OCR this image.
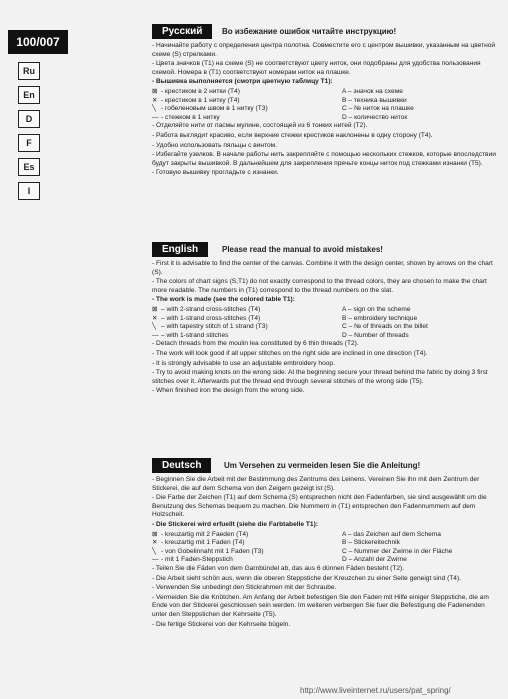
100/007
Ru
En
D
F
Es
I
Русский	Во избежание ошибок читайте инструкцию!

- Начинайте работу с определения центра полотна. Совместите его с центром вышивки, указанным на цветной схеме (S) стрелками.

- Цвета значков (T1) на схеме (S) не соответствуют цвету ниток, они подобраны для удобства пользования схемой. Номера в (T1) соответствуют номерам ниток на плашке.

- Вышивка выполняется (смотри цветную таблицу T1):

⊠ - крестиком в 2 нитки (T4)	A – значок на схеме
✕ - крестиком в 1 нитку (T4)	B – техника вышивки
╲ - гобеленовым швом в 1 нитку (T3)	C – № ниток на плашке
— - стежком в 1 нитку	D – количество ниток

- Отделяйте нити от пасмы мулине, состоящей из 6 тонких нитей (T2).

- Работа выглядит красиво, если верхние стежки крестиков наклонены в одну сторону (T4).

- Удобно использовать пяльцы с винтом.

- Избегайте узелков. В начале работы нить закрепляйте с помощью нескольких стежков, которые впоследствии будут закрыты вышивкой. В дальнейшем для закрепления прячьте концы ниток под стежками изнанки (T5).

- Готовую вышивку прогладьте с изнанки.

English	Please read the manual to avoid mistakes!

- First it is advisable to find the center of the canvas. Combine it with the design center, shown by arrows on the chart (S).

- The colors of chart signs (S,T1) do not exactly correspond to the thread colors, they are chosen to make the chart more readable. The numbers in (T1) correspond to the thread numbers on the slat.

- The work is made (see the colored table T1):

⊠ – with 2-strand cross-stitches (T4)	A – sign on the scheme
✕ – with 1-strand cross-stitches (T4)	B – embroidery technique
╲ – with tapestry stitch of 1 strand (T3)	C – № of threads on the billet
— – with 1-strand stitches	D – Number of threads

- Detach threads from the moulin lea constituted by 6 thin threads (T2).

- The work will look good if all upper stitches on the right side are inclined in one direction (T4).

- It is strongly advisable to use an adjustable embroidery hoop.

- Try to avoid making knots on the wrong side. At the beginning secure your thread behind the fabric by doing 3 first stitches over it. Afterwards put the thread end through several stitches of the wrong side (T5).

- When finished iron the design from the wrong side.

Deutsch	Um Versehen zu vermeiden lesen Sie die Anleitung!

- Beginnen Sie die Arbeit mit der Bestimmung des Zentrums des Leinens. Vereinen Sie ihn mit dem Zentrum der Stickerei, die auf dem Schema von den Zeigern gezeigt ist (S).

- Die Farbe der Zeichen (T1) auf dem Schema (S) entsprechen nicht den Fadenfarben, sie sind ausgewählt um die Benutzung des Schemas bequem zu machen. Die Nummern in (T1) entsprechen den Fadennummern auf dem Holzscheit.

- Die Stickerei wird erfuellt (siehe die Farbtabelle T1):

⊠ - kreuzartig mit 2 Faeden (T4)	A – das Zeichen auf dem Schema
✕ - kreuzartig mit 1 Faden (T4)	B – Stickereitechnik
╲ - von Gobelinnaht mit 1 Faden (T3)	C – Nummer der Zwirne in der Fläche
— - mit 1 Faden-Steppstich	D – Anzahl der Zwirne

- Teilen Sie die Fäden von dem Garnbündel ab, das aus 6 dünnen Fäden besteht (T2).

- Die Arbeit sieht schön aus, wenn die oberen Steppstiche der Kreuzchen zu einer Seite geneigt sind (T4).

- Verwenden Sie unbedingt den Stickrahmen mit der Schraube.

- Vermeiden Sie die Knötchen. Am Anfang der Arbeit befestigen Sie den Faden mit Hilfe einiger Steppstiche, die am Ende von der Stickerei geschlossen sein werden. Im weiteren verbergen Sie fuer die Befestigung die Fadenenden unter den Steppstichen der Kehrseite (T5).

- Die fertige Stickerei von der Kehrseite bügeln.

http://www.liveinternet.ru/users/pat_spring/
